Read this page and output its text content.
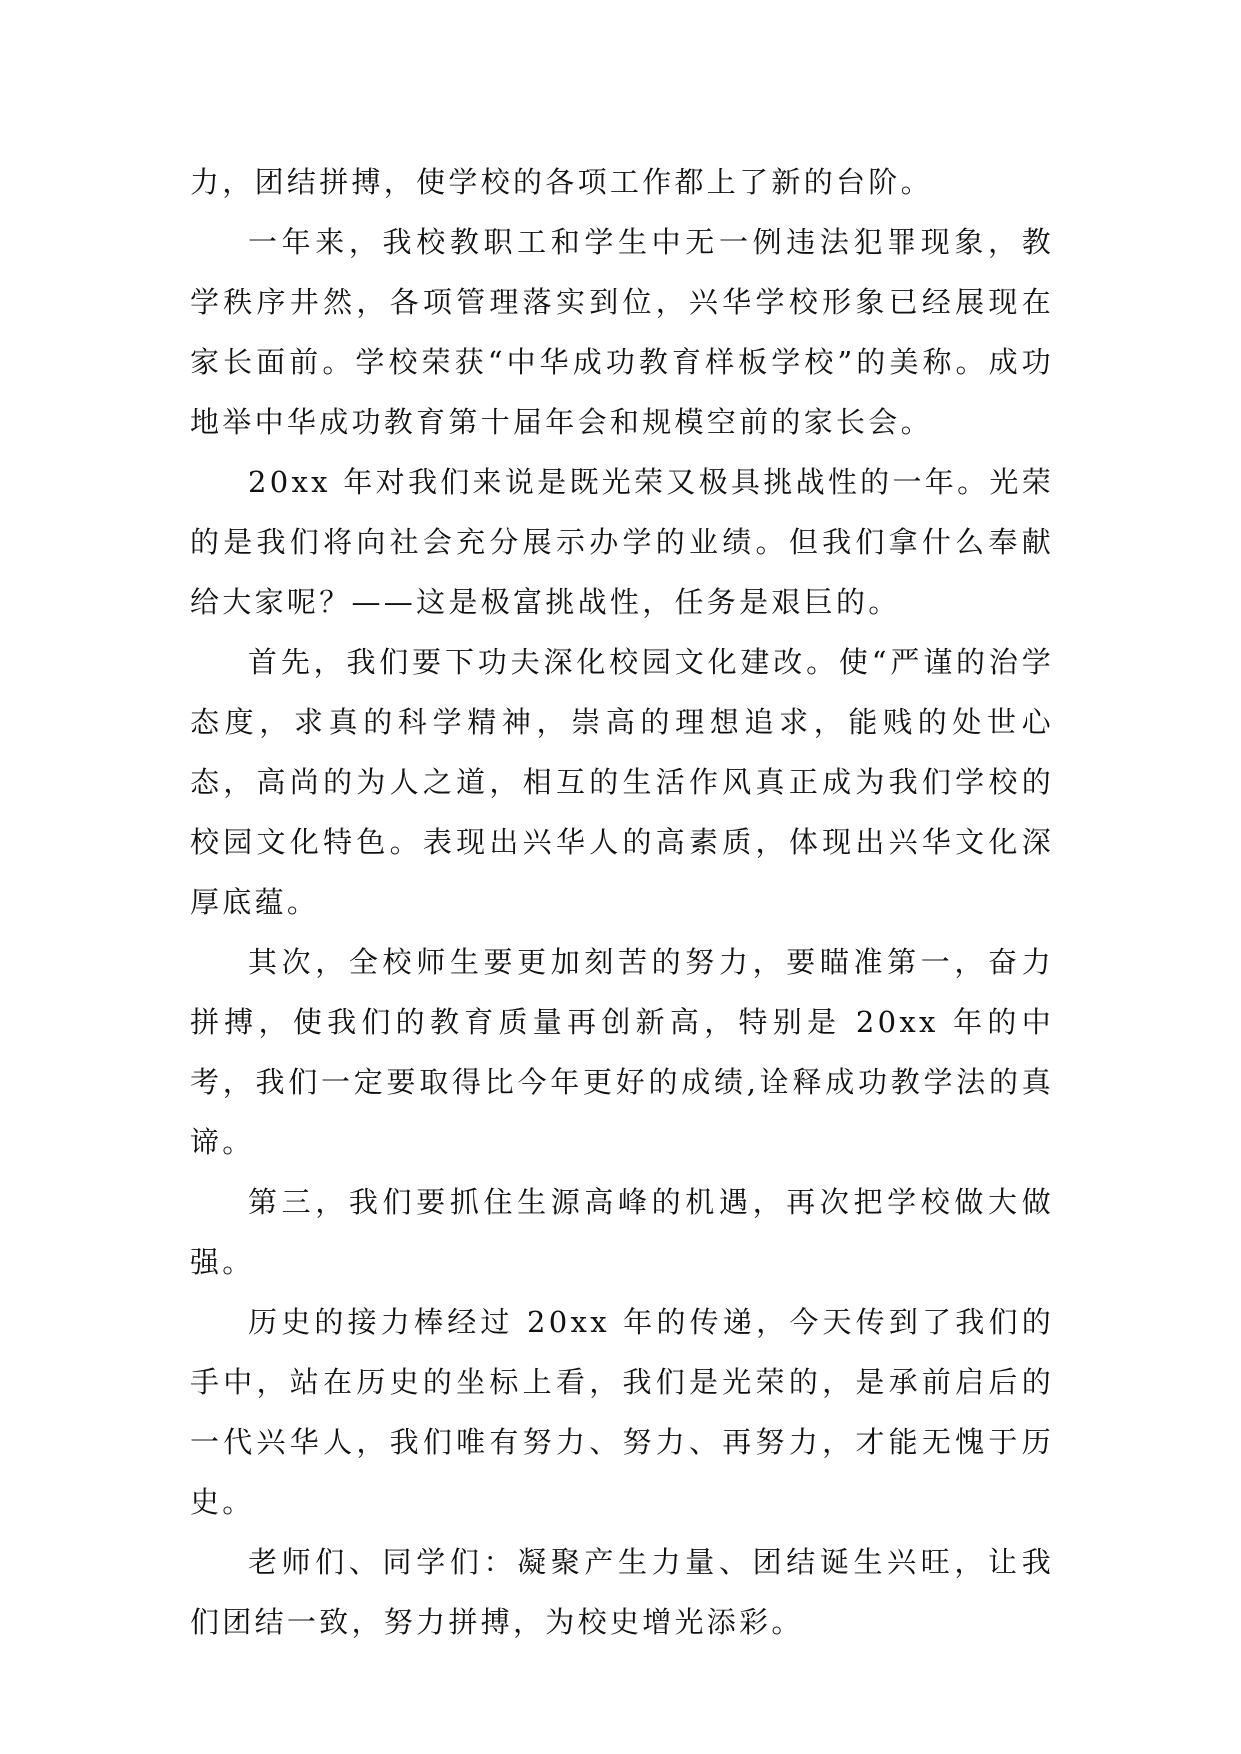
力，团结拼搏，使学校的各项工作都上了新的台阶。

一年来，我校教职工和学生中无一例违法犯罪现象，教学秩序井然，各项管理落实到位，兴华学校形象已经展现在家长面前。学校荣获“中华成功教育样板学校”的美称。成功地举中华成功教育第十届年会和规模空前的家长会。

20xx 年对我们来说是既光荣又极具挑战性的一年。光荣的是我们将向社会充分展示办学的业绩。但我们拿什么奉献给大家呢？——这是极富挑战性，任务是艰巨的。

首先，我们要下功夫深化校园文化建改。使“严谨的治学态度，求真的科学精神，崇高的理想追求，能贱的处世心态，高尚的为人之道，相互的生活作风真正成为我们学校的校园文化特色。表现出兴华人的高素质，体现出兴华文化深厚底蕴。

其次，全校师生要更加刻苦的努力，要瞄准第一，奋力拼搏，使我们的教育质量再创新高，特别是 20xx 年的中考，我们一定要取得比今年更好的成绩,诠释成功教学法的真谛。

第三，我们要抓住生源高峰的机遇，再次把学校做大做强。

历史的接力棒经过 20xx 年的传递，今天传到了我们的手中，站在历史的坐标上看，我们是光荣的，是承前启后的一代兴华人，我们唯有努力、努力、再努力，才能无愧于历史。

老师们、同学们：凝聚产生力量、团结诞生兴旺，让我们团结一致，努力拼搏，为校史增光添彩。
